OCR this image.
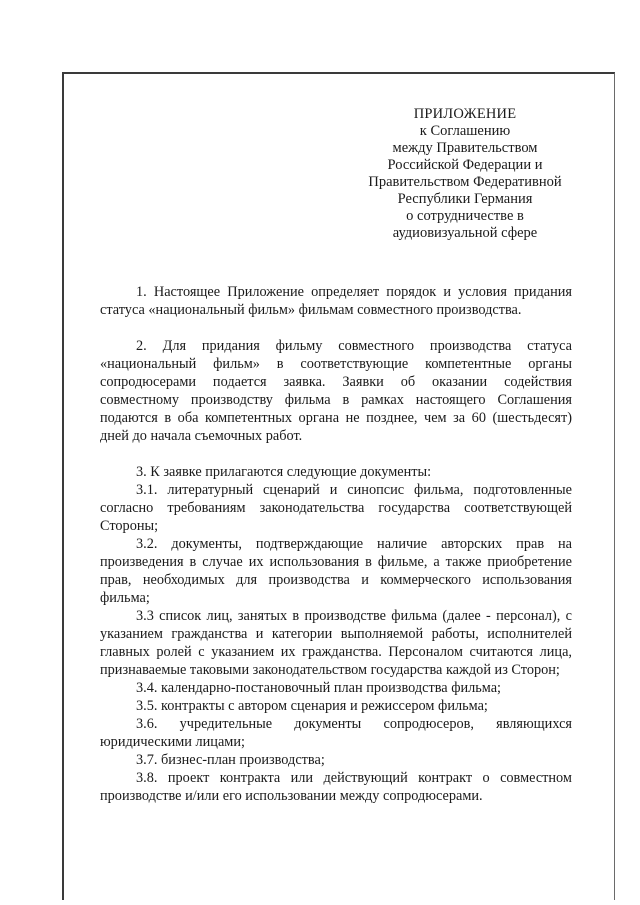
ПРИЛОЖЕНИЕ
к Соглашению
между Правительством
Российской Федерации и
Правительством Федеративной
Республики Германия
о сотрудничестве в
аудиовизуальной сфере

1. Настоящее Приложение определяет порядок и условия придания статуса «национальный фильм» фильмам совместного производства.

2. Для придания фильму совместного производства статуса «национальный фильм» в соответствующие компетентные органы сопродюсерами подается заявка. Заявки об оказании содействия совместному производству фильма в рамках настоящего Соглашения подаются в оба компетентных органа не позднее, чем за 60 (шестьдесят) дней до начала съемочных работ.

3. К заявке прилагаются следующие документы:

3.1. литературный сценарий и синопсис фильма, подготовленные согласно требованиям законодательства государства соответствующей Стороны;

3.2. документы, подтверждающие наличие авторских прав на произведения в случае их использования в фильме, а также приобретение прав, необходимых для производства и коммерческого использования фильма;

3.3 список лиц, занятых в производстве фильма (далее - персонал), с указанием гражданства и категории выполняемой работы, исполнителей главных ролей с указанием их гражданства. Персоналом считаются лица, признаваемые таковыми законодательством государства каждой из Сторон;

3.4. календарно-постановочный план производства фильма;

3.5. контракты с автором сценария и режиссером фильма;

3.6. учредительные документы сопродюсеров, являющихся юридическими лицами;

3.7. бизнес-план производства;

3.8. проект контракта или действующий контракт о совместном производстве и/или его использовании между сопродюсерами.
